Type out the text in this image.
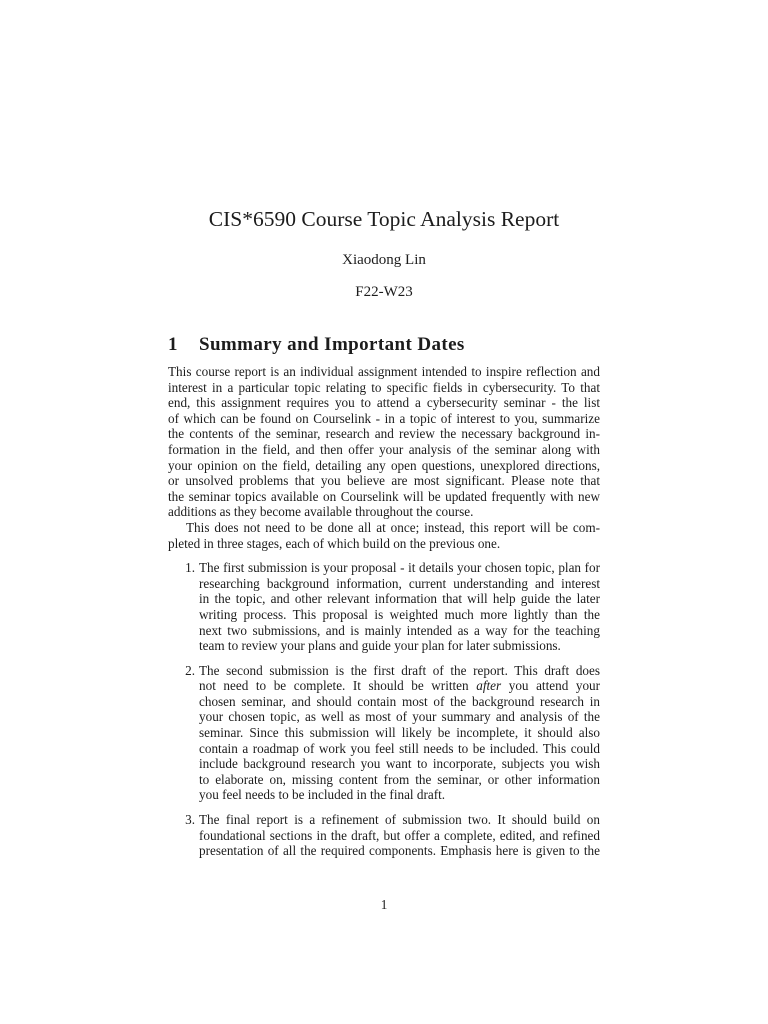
CIS*6590 Course Topic Analysis Report
Xiaodong Lin
F22-W23
1 Summary and Important Dates
This course report is an individual assignment intended to inspire reflection and
interest in a particular topic relating to specific fields in cybersecurity. To that
end, this assignment requires you to attend a cybersecurity seminar - the list
of which can be found on Courselink - in a topic of interest to you, summarize
the contents of the seminar, research and review the necessary background in-
formation in the field, and then offer your analysis of the seminar along with
your opinion on the field, detailing any open questions, unexplored directions,
or unsolved problems that you believe are most significant. Please note that
the seminar topics available on Courselink will be updated frequently with new
additions as they become available throughout the course.
This does not need to be done all at once; instead, this report will be com-
pleted in three stages, each of which build on the previous one.
1. The first submission is your proposal - it details your chosen topic, plan for
researching background information, current understanding and interest
in the topic, and other relevant information that will help guide the later
writing process. This proposal is weighted much more lightly than the
next two submissions, and is mainly intended as a way for the teaching
team to review your plans and guide your plan for later submissions.
2. The second submission is the first draft of the report. This draft does
not need to be complete. It should be written after you attend your
chosen seminar, and should contain most of the background research in
your chosen topic, as well as most of your summary and analysis of the
seminar. Since this submission will likely be incomplete, it should also
contain a roadmap of work you feel still needs to be included. This could
include background research you want to incorporate, subjects you wish
to elaborate on, missing content from the seminar, or other information
you feel needs to be included in the final draft.
3. The final report is a refinement of submission two. It should build on
foundational sections in the draft, but offer a complete, edited, and refined
presentation of all the required components. Emphasis here is given to the
1
